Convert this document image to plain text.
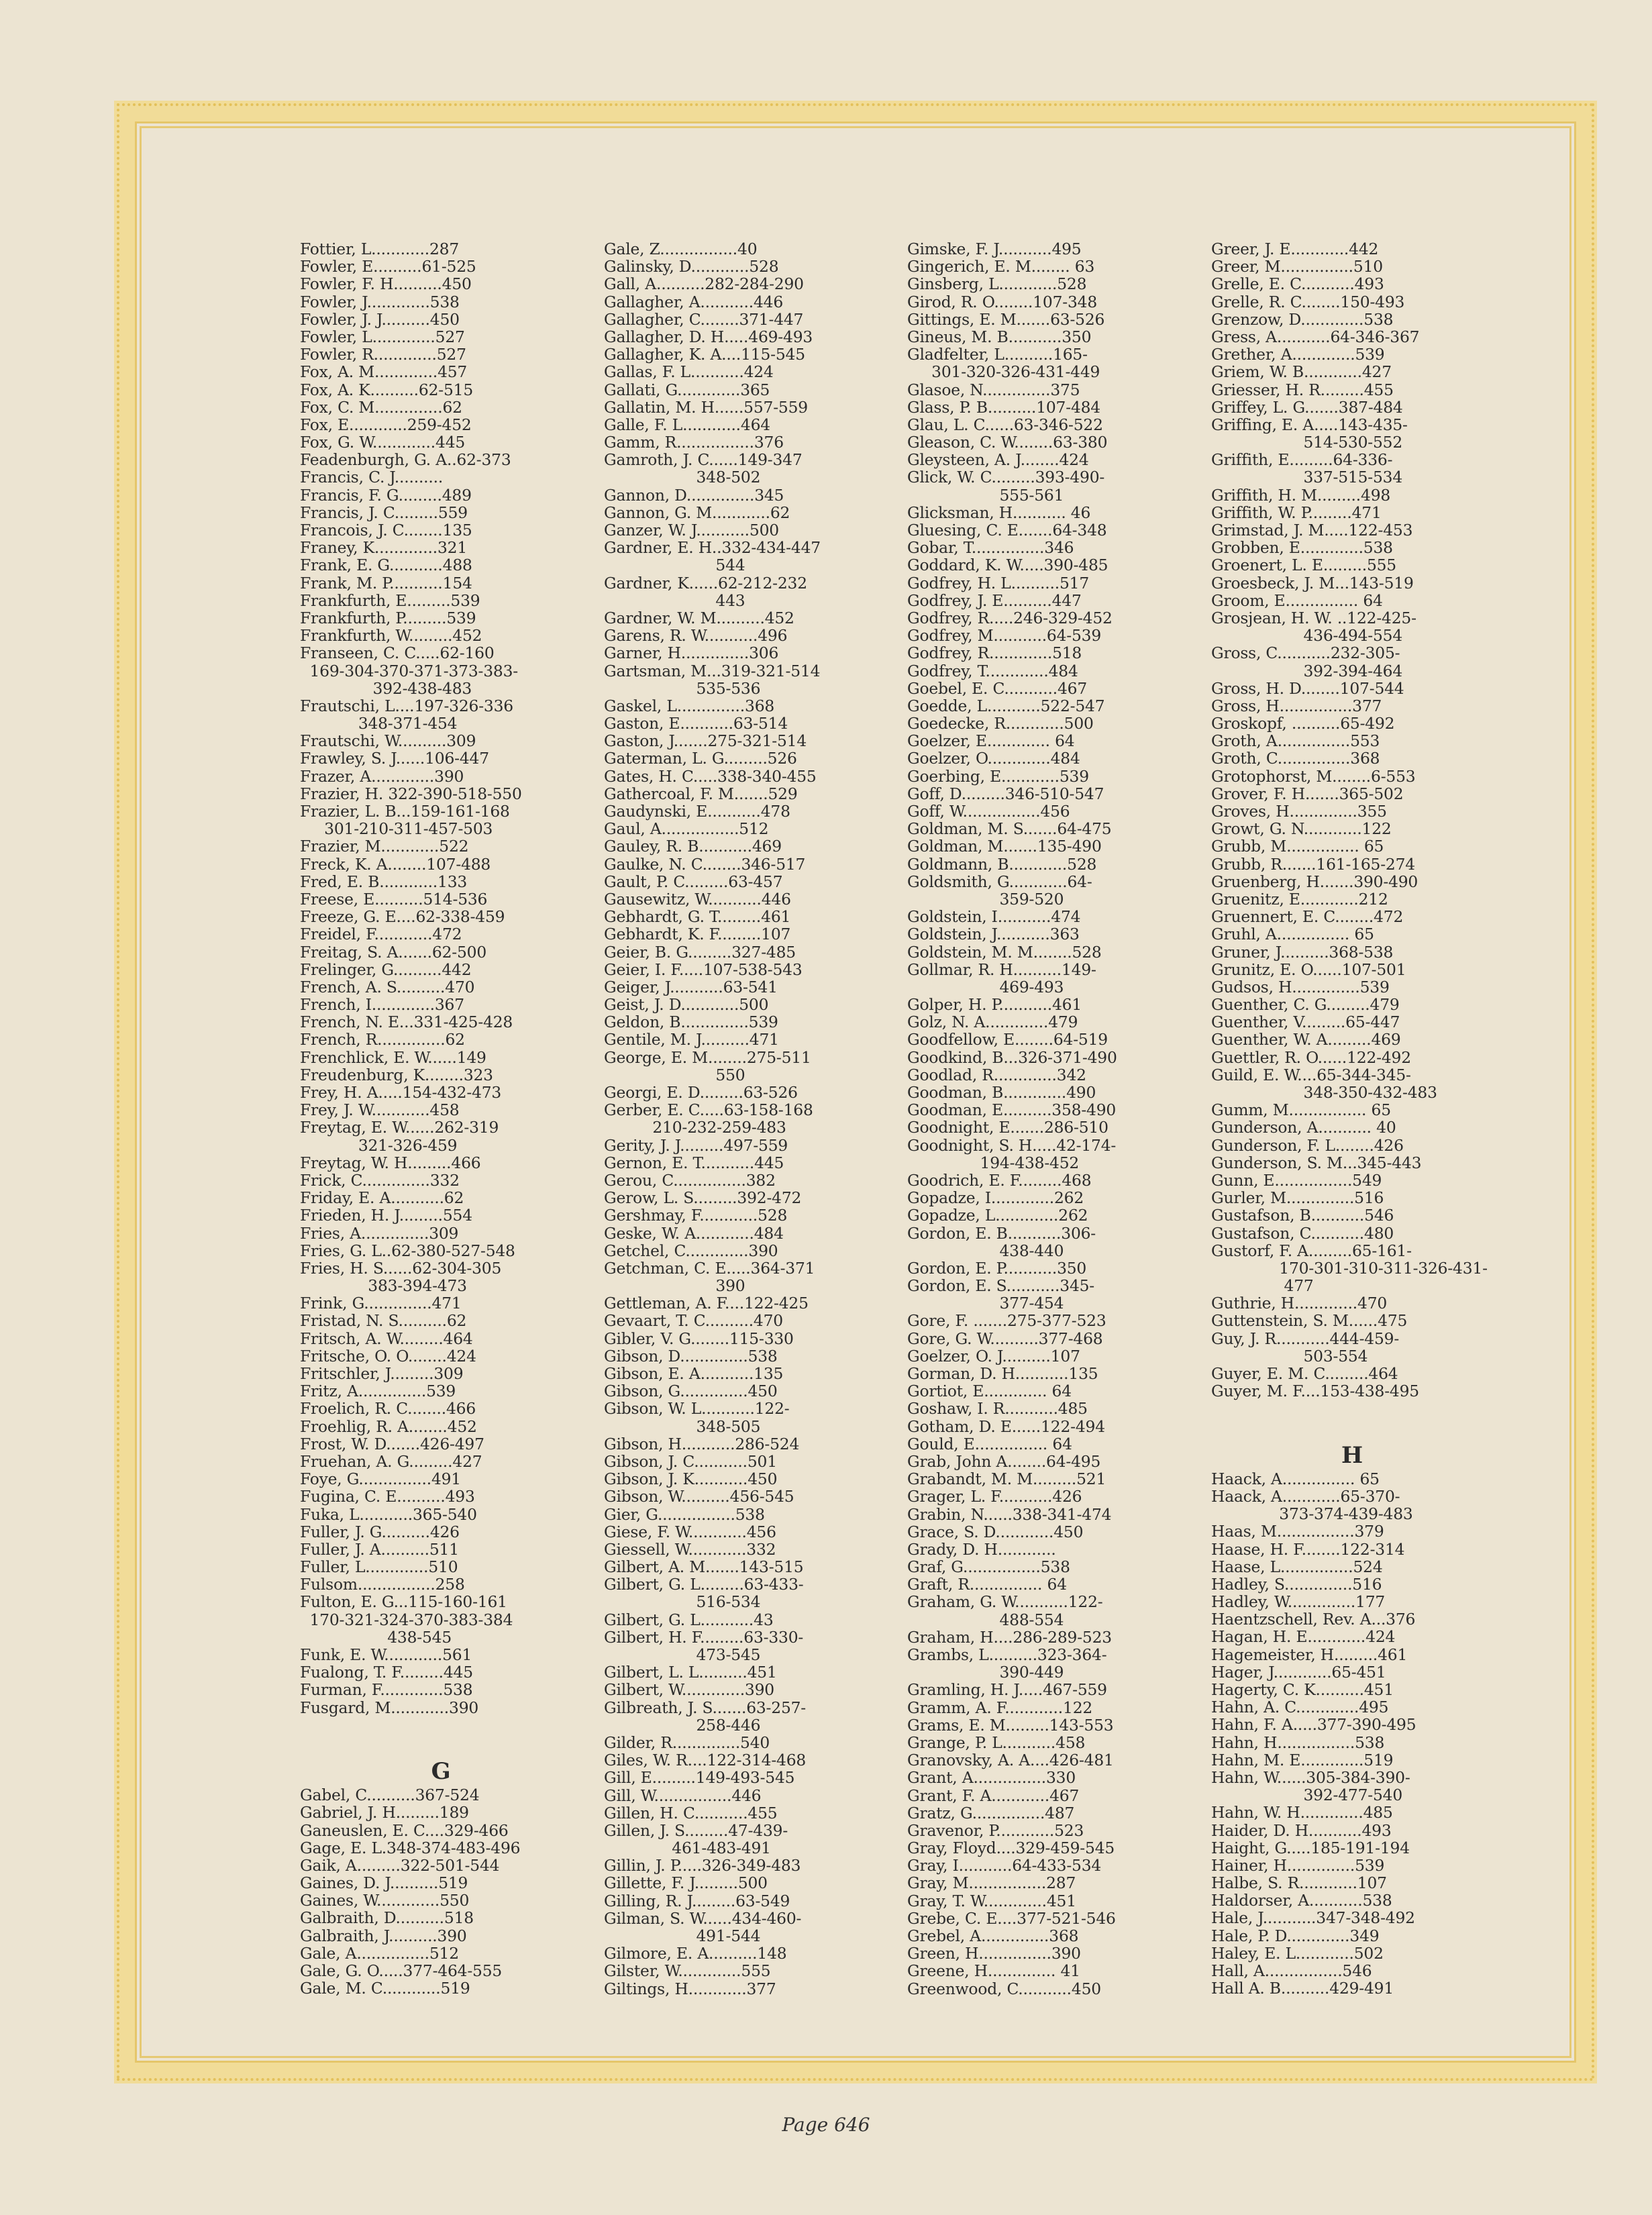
Fottier, L............287
Fowler, E..........61-525
Fowler, F. H..........450
Fowler, J.............538
Fowler, J. J..........450
Fowler, L.............527
Fowler, R.............527
Fox, A. M.............457
Fox, A. K..........62-515
Fox, C. M..............62
Fox, E............259-452
Fox, G. W.............445
Feadenburgh, G. A..62-373
Francis, C. J..........
Francis, F. G.........489
Francis, J. C.........559
Francois, J. C........135
Franey, K.............321
Frank, E. G...........488
Frank, M. P...........154
Frankfurth, E.........539
Frankfurth, P.........539
Frankfurth, W.........452
Franseen, C. C.....62-160
169-304-370-371-373-383-
392-438-483
Frautschi, L....197-326-336
348-371-454
Frautschi, W..........309
Frawley, S. J......106-447
Frazer, A.............390
Frazier, H. 322-390-518-550
Frazier, L. B...159-161-168
301-210-311-457-503
Frazier, M............522
Freck, K. A........107-488
Fred, E. B............133
Freese, E..........514-536
Freeze, G. E....62-338-459
Freidel, F............472
Freitag, S. A.......62-500
Frelinger, G..........442
French, A. S..........470
French, I.............367
French, N. E...331-425-428
French, R..............62
Frenchlick, E. W......149
Freudenburg, K........323
Frey, H. A.....154-432-473
Frey, J. W............458
Freytag, E. W......262-319
321-326-459
Freytag, W. H.........466
Frick, C..............332
Friday, E. A...........62
Frieden, H. J.........554
Fries, A..............309
Fries, G. L..62-380-527-548
Fries, H. S......62-304-305
383-394-473
Frink, G..............471
Fristad, N. S..........62
Fritsch, A. W.........464
Fritsche, O. O........424
Fritschler, J.........309
Fritz, A..............539
Froelich, R. C........466
Froehlig, R. A........452
Frost, W. D.......426-497
Fruehan, A. G.........427
Foye, G...............491
Fugina, C. E..........493
Fuka, L...........365-540
Fuller, J. G..........426
Fuller, J. A..........511
Fuller, L.............510
Fulsom................258
Fulton, E. G...115-160-161
170-321-324-370-383-384
438-545
Funk, E. W............561
Fualong, T. F.........445
Furman, F.............538
Fusgard, M............390
G
Gabel, C..........367-524
Gabriel, J. H.........189
Ganeuslen, E. C....329-466
Gage, E. L.348-374-483-496
Gaik, A.........322-501-544
Gaines, D. J..........519
Gaines, W.............550
Galbraith, D..........518
Galbraith, J..........390
Gale, A...............512
Gale, G. O.....377-464-555
Gale, M. C............519
Gale, Z................40
Galinsky, D............528
Gall, A..........282-284-290
Gallagher, A...........446
Gallagher, C........371-447
Gallagher, D. H.....469-493
Gallagher, K. A....115-545
Gallas, F. L...........424
Gallati, G.............365
Gallatin, M. H......557-559
Galle, F. L............464
Gamm, R................376
Gamroth, J. C......149-347
348-502
Gannon, D..............345
Gannon, G. M............62
Ganzer, W. J...........500
Gardner, E. H..332-434-447
544
Gardner, K......62-212-232
443
Gardner, W. M..........452
Garens, R. W...........496
Garner, H..............306
Gartsman, M...319-321-514
535-536
Gaskel, L..............368
Gaston, E...........63-514
Gaston, J.......275-321-514
Gaterman, L. G.........526
Gates, H. C.....338-340-455
Gathercoal, F. M.......529
Gaudynski, E...........478
Gaul, A................512
Gauley, R. B...........469
Gaulke, N. C........346-517
Gault, P. C.........63-457
Gausewitz, W...........446
Gebhardt, G. T.........461
Gebhardt, K. F.........107
Geier, B. G.........327-485
Geier, I. F.....107-538-543
Geiger, J...........63-541
Geist, J. D............500
Geldon, B..............539
Gentile, M. J..........471
George, E. M........275-511
550
Georgi, E. D.........63-526
Gerber, E. C.....63-158-168
210-232-259-483
Gerity, J. J.........497-559
Gernon, E. T...........445
Gerou, C...............382
Gerow, L. S.........392-472
Gershmay, F............528
Geske, W. A............484
Getchel, C.............390
Getchman, C. E.....364-371
390
Gettleman, A. F....122-425
Gevaart, T. C..........470
Gibler, V. G........115-330
Gibson, D..............538
Gibson, E. A...........135
Gibson, G..............450
Gibson, W. L...........122-
348-505
Gibson, H...........286-524
Gibson, J. C...........501
Gibson, J. K...........450
Gibson, W..........456-545
Gier, G................538
Giese, F. W............456
Giessell, W............332
Gilbert, A. M.......143-515
Gilbert, G. L.........63-433-
516-534
Gilbert, G. L...........43
Gilbert, H. F.........63-330-
473-545
Gilbert, L. L..........451
Gilbert, W.............390
Gilbreath, J. S.......63-257-
258-446
Gilder, R..............540
Giles, W. R....122-314-468
Gill, E.........149-493-545
Gill, W................446
Gillen, H. C...........455
Gillen, J. S.........47-439-
461-483-491
Gillin, J. P.....326-349-483
Gillette, F. J.........500
Gilling, R. J.........63-549
Gilman, S. W......434-460-
491-544
Gilmore, E. A..........148
Gilster, W.............555
Giltings, H............377
Gimske, F. J...........495
Gingerich, E. M........ 63
Ginsberg, L............528
Girod, R. O........107-348
Gittings, E. M.......63-526
Gineus, M. B...........350
Gladfelter, L..........165-
301-320-326-431-449
Glasoe, N..............375
Glass, P. B..........107-484
Glau, L. C......63-346-522
Gleason, C. W........63-380
Gleysteen, A. J........424
Glick, W. C.........393-490-
555-561
Glicksman, H........... 46
Gluesing, C. E.......64-348
Gobar, T...............346
Goddard, K. W.....390-485
Godfrey, H. L..........517
Godfrey, J. E..........447
Godfrey, R.....246-329-452
Godfrey, M...........64-539
Godfrey, R.............518
Godfrey, T.............484
Goebel, E. C...........467
Goedde, L...........522-547
Goedecke, R............500
Goelzer, E............. 64
Goelzer, O.............484
Goerbing, E............539
Goff, D.........346-510-547
Goff, W................456
Goldman, M. S.......64-475
Goldman, M.......135-490
Goldmann, B............528
Goldsmith, G............64-
359-520
Goldstein, I...........474
Goldstein, J...........363
Goldstein, M. M........528
Gollmar, R. H..........149-
469-493
Golper, H. P...........461
Golz, N. A.............479
Goodfellow, E........64-519
Goodkind, B...326-371-490
Goodlad, R.............342
Goodman, B.............490
Goodman, E..........358-490
Goodnight, E.......286-510
Goodnight, S. H.....42-174-
194-438-452
Goodrich, E. F.........468
Gopadze, I.............262
Gopadze, L.............262
Gordon, E. B...........306-
438-440
Gordon, E. P...........350
Gordon, E. S...........345-
377-454
Gore, F. .......275-377-523
Gore, G. W..........377-468
Goelzer, O. J..........107
Gorman, D. H...........135
Gortiot, E............. 64
Goshaw, I. R...........485
Gotham, D. E......122-494
Gould, E............... 64
Grab, John A........64-495
Grabandt, M. M.........521
Grager, L. F...........426
Grabin, N......338-341-474
Grace, S. D............450
Grady, D. H............
Graf, G................538
Graft, R............... 64
Graham, G. W...........122-
488-554
Graham, H....286-289-523
Grambs, L..........323-364-
390-449
Gramling, H. J.....467-559
Gramm, A. F............122
Grams, E. M.........143-553
Grange, P. L...........458
Granovsky, A. A....426-481
Grant, A...............330
Grant, F. A............467
Gratz, G...............487
Gravenor, P............523
Gray, Floyd....329-459-545
Gray, I...........64-433-534
Gray, M................287
Gray, T. W.............451
Grebe, C. E....377-521-546
Grebel, A..............368
Green, H...............390
Greene, H.............. 41
Greenwood, C...........450
Greer, J. E............442
Greer, M...............510
Grelle, E. C...........493
Grelle, R. C........150-493
Grenzow, D.............538
Gress, A...........64-346-367
Grether, A.............539
Griem, W. B............427
Griesser, H. R.........455
Griffey, L. G.......387-484
Griffing, E. A.....143-435-
514-530-552
Griffith, E.........64-336-
337-515-534
Griffith, H. M.........498
Griffith, W. P.........471
Grimstad, J. M.....122-453
Grobben, E.............538
Groenert, L. E.........555
Groesbeck, J. M...143-519
Groom, E............... 64
Grosjean, H. W. ..122-425-
436-494-554
Gross, C...........232-305-
392-394-464
Gross, H. D........107-544
Gross, H...............377
Groskopf, ..........65-492
Groth, A...............553
Groth, C...............368
Grotophorst, M........6-553
Grover, F. H.......365-502
Groves, H..............355
Growt, G. N............122
Grubb, M............... 65
Grubb, R.......161-165-274
Gruenberg, H.......390-490
Gruenitz, E............212
Gruennert, E. C........472
Gruhl, A............... 65
Gruner, J..........368-538
Grunitz, E. O......107-501
Gudsos, H..............539
Guenther, C. G.........479
Guenther, V.........65-447
Guenther, W. A.........469
Guettler, R. O......122-492
Guild, E. W....65-344-345-
348-350-432-483
Gumm, M................ 65
Gunderson, A........... 40
Gunderson, F. L........426
Gunderson, S. M...345-443
Gunn, E................549
Gurler, M..............516
Gustafson, B...........546
Gustafson, C...........480
Gustorf, F. A.........65-161-
170-301-310-311-326-431-
477
Guthrie, H.............470
Guttenstein, S. M......475
Guy, J. R...........444-459-
503-554
Guyer, E. M. C.........464
Guyer, M. F....153-438-495
H
Haack, A............... 65
Haack, A............65-370-
373-374-439-483
Haas, M................379
Haase, H. F........122-314
Haase, L...............524
Hadley, S..............516
Hadley, W..............177
Haentzschell, Rev. A...376
Hagan, H. E............424
Hagemeister, H.........461
Hager, J............65-451
Hagerty, C. K..........451
Hahn, A. C.............495
Hahn, F. A.....377-390-495
Hahn, H................538
Hahn, M. E.............519
Hahn, W......305-384-390-
392-477-540
Hahn, W. H.............485
Haider, D. H...........493
Haight, G.....185-191-194
Hainer, H..............539
Halbe, S. R............107
Haldorser, A...........538
Hale, J...........347-348-492
Hale, P. D.............349
Haley, E. L............502
Hall, A................546
Hall A. B..........429-491
Page 646
